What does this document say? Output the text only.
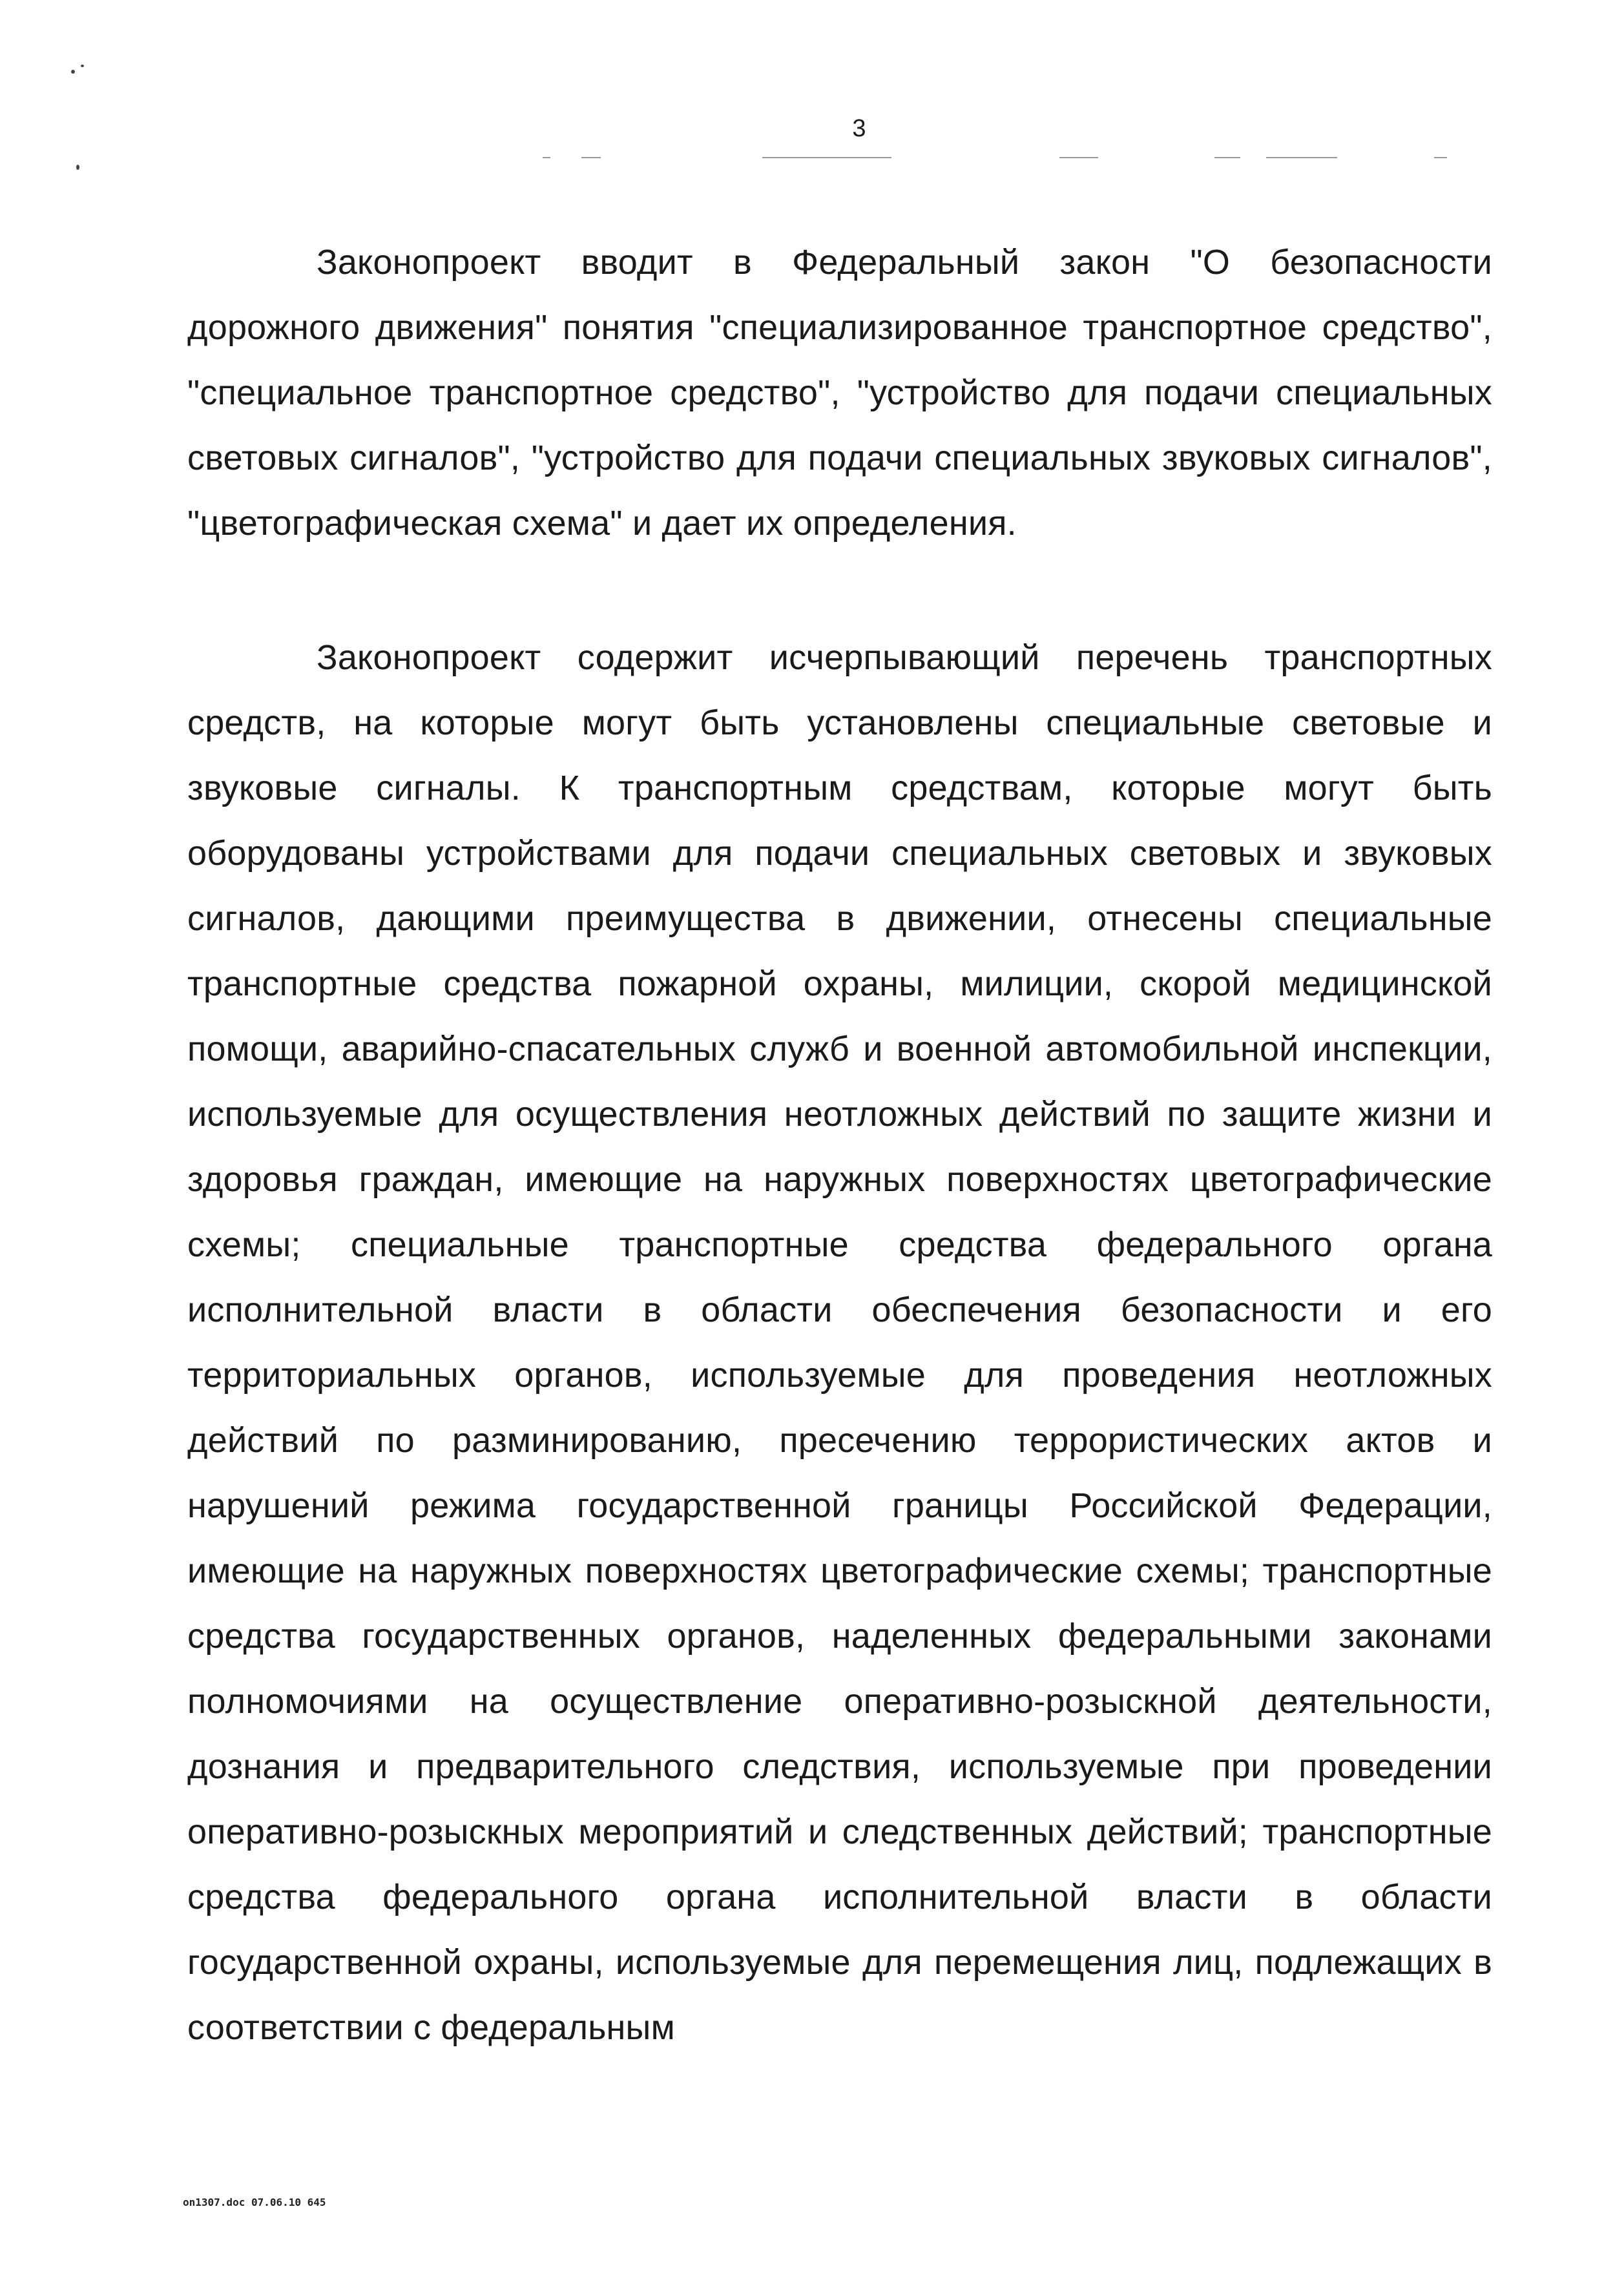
3

Законопроект вводит в Федеральный закон "О безопасности дорожного движения" понятия "специализированное транспортное средство", "специальное транспортное средство", "устройство для подачи специальных световых сигналов", "устройство для подачи специальных звуковых сигналов", "цветографическая схема" и дает их определения.

Законопроект содержит исчерпывающий перечень транспортных средств, на которые могут быть установлены специальные световые и звуковые сигналы. К транспортным средствам, которые могут быть оборудованы устройствами для подачи специальных световых и звуковых сигналов, дающими преимущества в движении, отнесены специальные транспортные средства пожарной охраны, милиции, скорой медицинской помощи, аварийно-спасательных служб и военной автомобильной инспекции, используемые для осуществления неотложных действий по защите жизни и здоровья граждан, имеющие на наружных поверхностях цветографические схемы; специальные транспортные средства федерального органа исполнительной власти в области обеспечения безопасности и его территориальных органов, используемые для проведения неотложных действий по разминированию, пресечению террористических актов и нарушений режима государственной границы Российской Федерации, имеющие на наружных поверхностях цветографические схемы; транспортные средства государственных органов, наделенных федеральными законами полномочиями на осуществление оперативно-розыскной деятельности, дознания и предварительного следствия, используемые при проведении оперативно-розыскных мероприятий и следственных действий; транспортные средства федерального органа исполнительной власти в области государственной охраны, используемые для перемещения лиц, подлежащих в соответствии с федеральным

on1307.doc 07.06.10 645
